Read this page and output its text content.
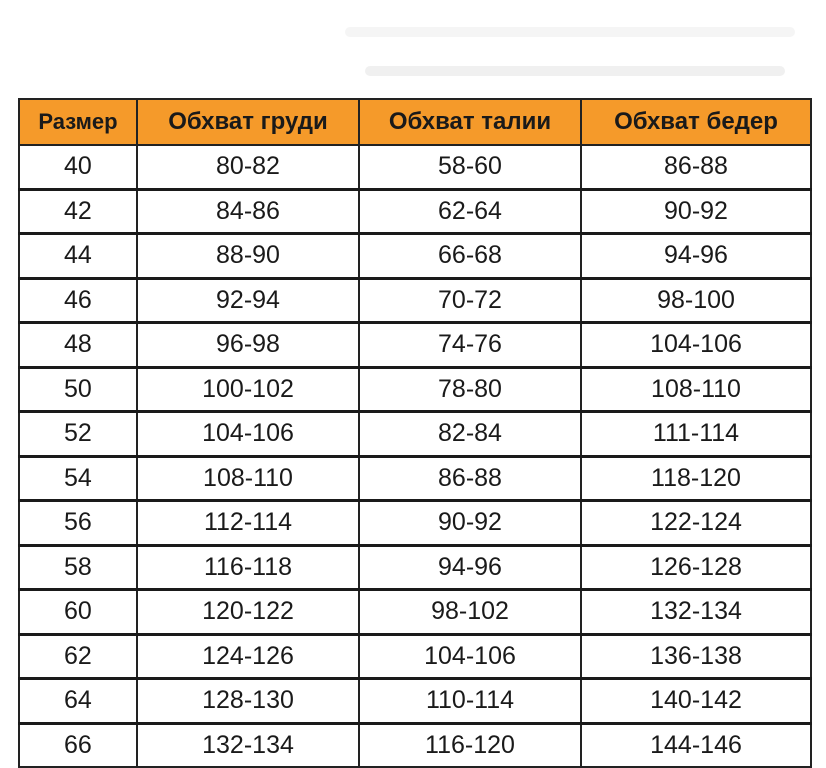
Размер	Обхват груди	Обхват талии	Обхват бедер
40	80-82	58-60	86-88
42	84-86	62-64	90-92
44	88-90	66-68	94-96
46	92-94	70-72	98-100
48	96-98	74-76	104-106
50	100-102	78-80	108-110
52	104-106	82-84	111-114
54	108-110	86-88	118-120
56	112-114	90-92	122-124
58	116-118	94-96	126-128
60	120-122	98-102	132-134
62	124-126	104-106	136-138
64	128-130	110-114	140-142
66	132-134	116-120	144-146
